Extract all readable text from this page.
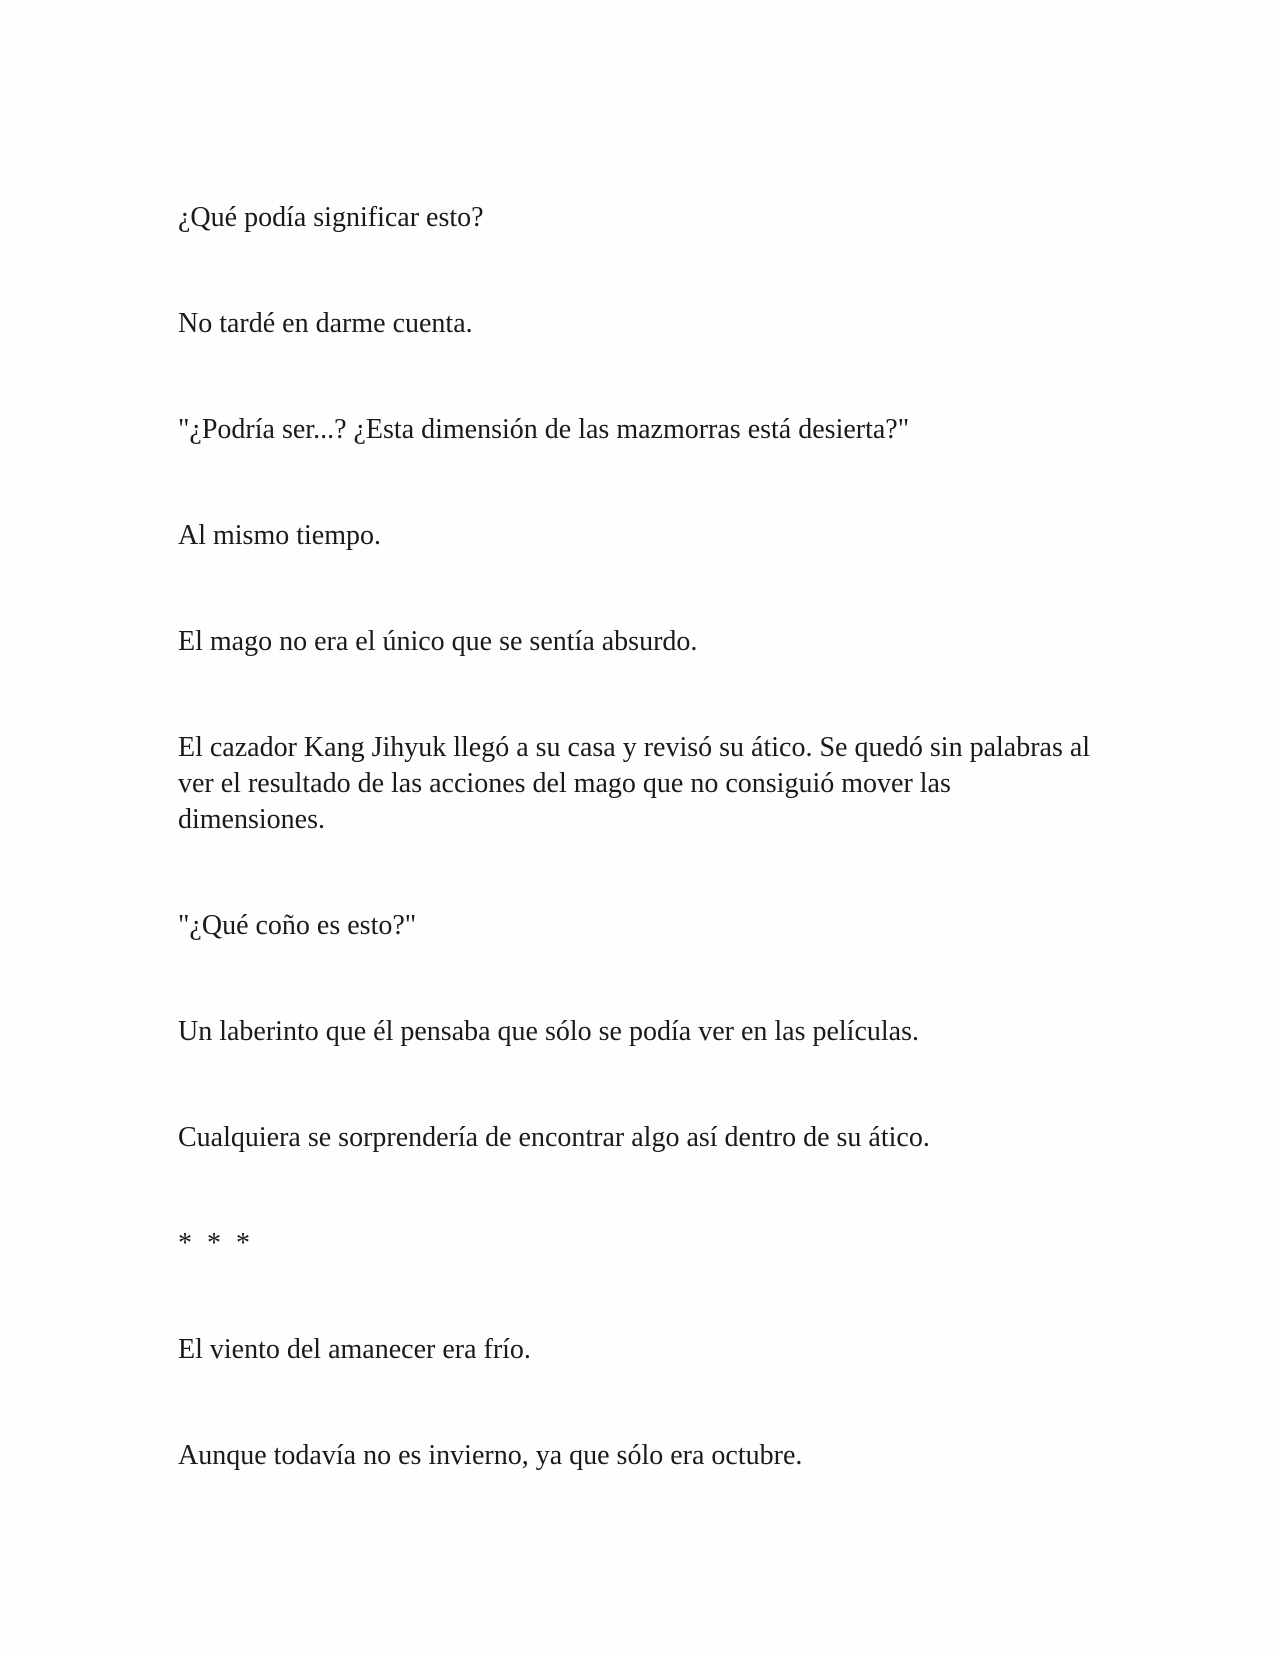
¿Qué podía significar esto?

No tardé en darme cuenta.

"¿Podría ser...? ¿Esta dimensión de las mazmorras está desierta?"

Al mismo tiempo.

El mago no era el único que se sentía absurdo.

El cazador Kang Jihyuk llegó a su casa y revisó su ático. Se quedó sin palabras al ver el resultado de las acciones del mago que no consiguió mover las dimensiones.

"¿Qué coño es esto?"

Un laberinto que él pensaba que sólo se podía ver en las películas.

Cualquiera se sorprendería de encontrar algo así dentro de su ático.

* * *

El viento del amanecer era frío.

Aunque todavía no es invierno, ya que sólo era octubre.
